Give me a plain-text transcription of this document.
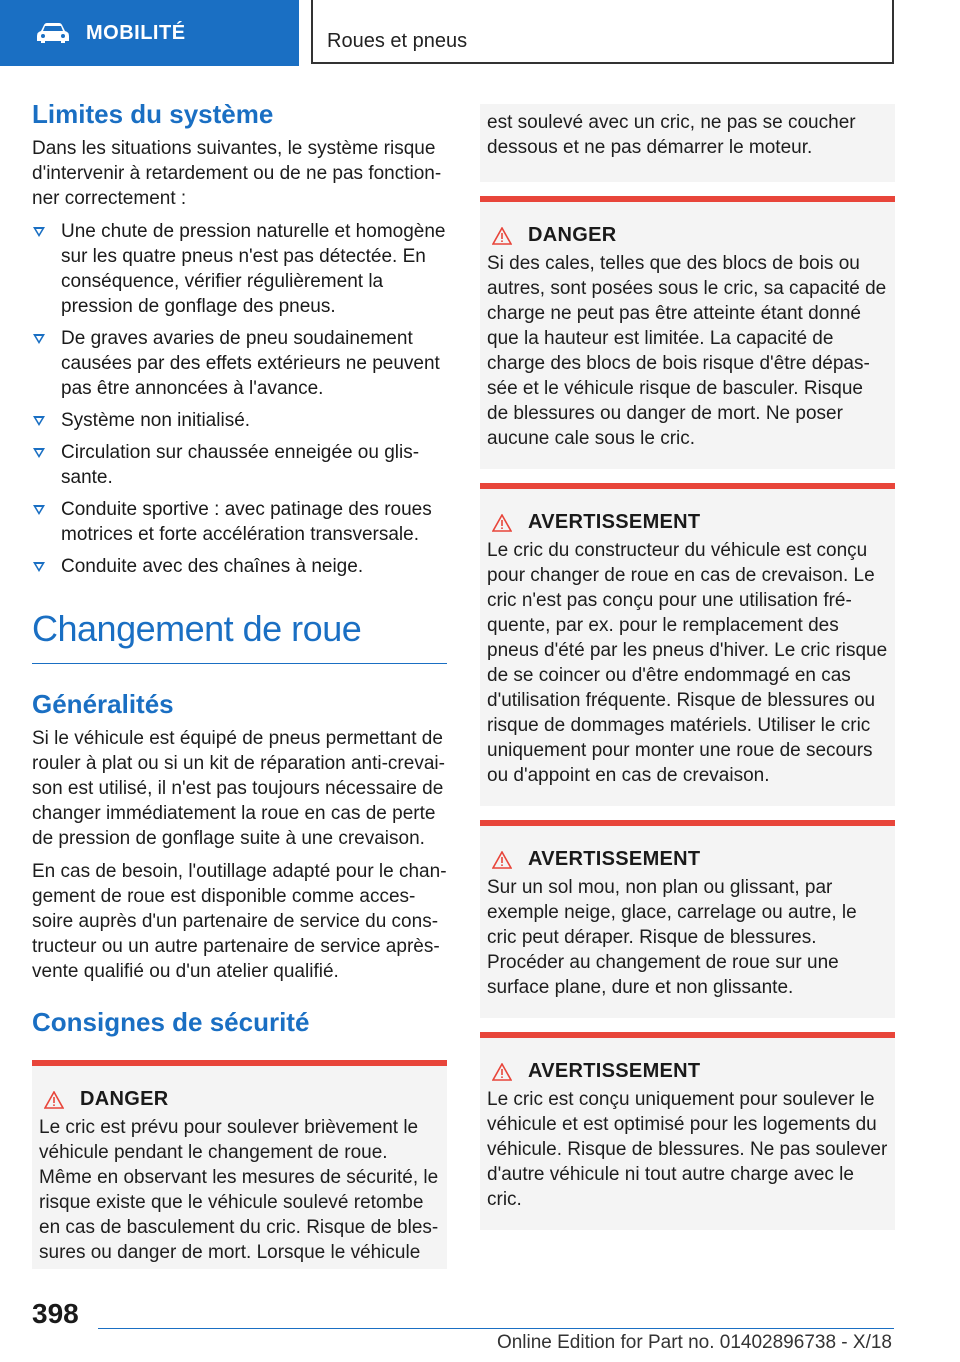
MOBILITÉ	Roues et pneus
Limites du système

Dans les situations suivantes, le système risque d'intervenir à retardement ou de ne pas fonctionner correctement :

Une chute de pression naturelle et homogène sur les quatre pneus n'est pas détectée. En conséquence, vérifier régulièrement la pression de gonflage des pneus.
De graves avaries de pneu soudainement causées par des effets extérieurs ne peuvent pas être annoncées à l'avance.
Système non initialisé.
Circulation sur chaussée enneigée ou glissante.
Conduite sportive : avec patinage des roues motrices et forte accélération transversale.
Conduite avec des chaînes à neige.
Changement de roue
Généralités

Si le véhicule est équipé de pneus permettant de rouler à plat ou si un kit de réparation anti-crevaison est utilisé, il n'est pas toujours nécessaire de changer immédiatement la roue en cas de perte de pression de gonflage suite à une crevaison.

En cas de besoin, l'outillage adapté pour le changement de roue est disponible comme accessoire auprès d'un partenaire de service du constructeur ou un autre partenaire de service après-vente qualifié ou d'un atelier qualifié.

Consignes de sécurité
DANGER
Le cric est prévu pour soulever brièvement le véhicule pendant le changement de roue. Même en observant les mesures de sécurité, le risque existe que le véhicule soulevé retombe en cas de basculement du cric. Risque de blessures ou danger de mort. Lorsque le véhicule
est soulevé avec un cric, ne pas se coucher dessous et ne pas démarrer le moteur.
DANGER
Si des cales, telles que des blocs de bois ou autres, sont posées sous le cric, sa capacité de charge ne peut pas être atteinte étant donné que la hauteur est limitée. La capacité de charge des blocs de bois risque d'être dépassée et le véhicule risque de basculer. Risque de blessures ou danger de mort. Ne poser aucune cale sous le cric.
AVERTISSEMENT
Le cric du constructeur du véhicule est conçu pour changer de roue en cas de crevaison. Le cric n'est pas conçu pour une utilisation fréquente, par ex. pour le remplacement des pneus d'été par les pneus d'hiver. Le cric risque de se coincer ou d'être endommagé en cas d'utilisation fréquente. Risque de blessures ou risque de dommages matériels. Utiliser le cric uniquement pour monter une roue de secours ou d'appoint en cas de crevaison.
AVERTISSEMENT
Sur un sol mou, non plan ou glissant, par exemple neige, glace, carrelage ou autre, le cric peut déraper. Risque de blessures. Procéder au changement de roue sur une surface plane, dure et non glissante.
AVERTISSEMENT
Le cric est conçu uniquement pour soulever le véhicule et est optimisé pour les logements du véhicule. Risque de blessures. Ne pas soulever d'autre véhicule ni tout autre charge avec le cric.
398
Online Edition for Part no. 01402896738 - X/18
